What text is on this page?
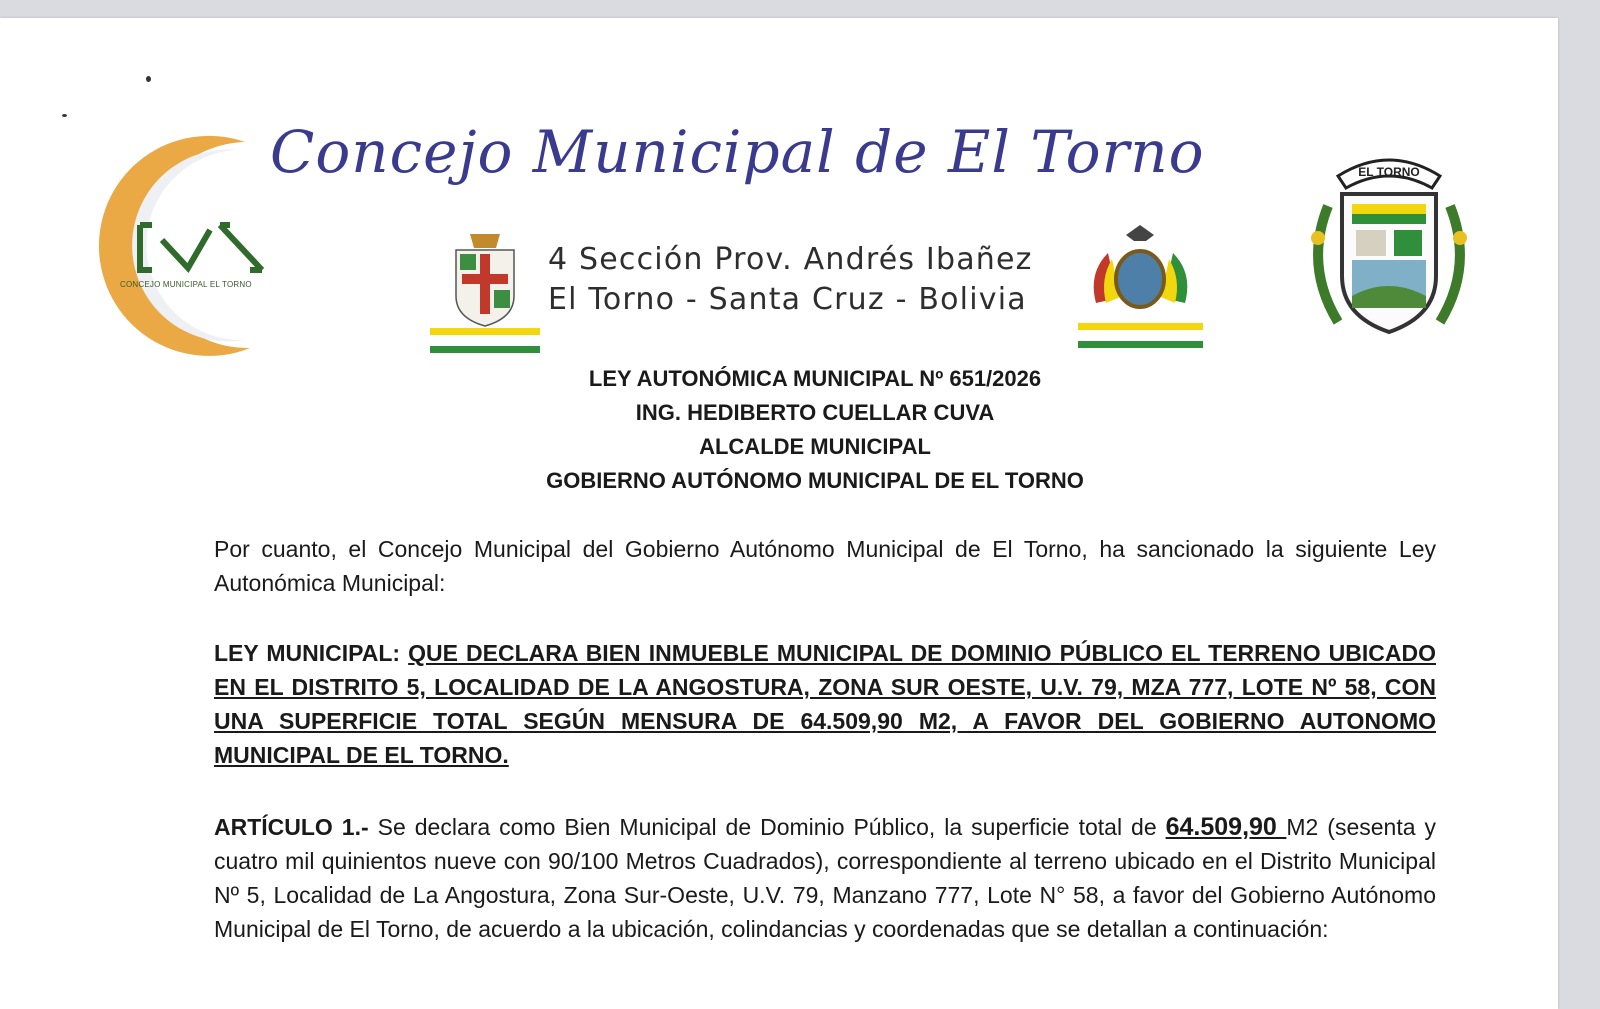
CONCEJO MUNICIPAL EL TORNO
Concejo Municipal de El Torno
4 Sección Prov. Andrés Ibañez
El Torno - Santa Cruz - Bolivia
EL TORNO
LEY AUTONÓMICA MUNICIPAL Nº 651/2026
ING. HEDIBERTO CUELLAR CUVA
ALCALDE MUNICIPAL
GOBIERNO AUTÓNOMO MUNICIPAL DE EL TORNO
Por cuanto, el Concejo Municipal del Gobierno Autónomo Municipal de El Torno, ha sancionado la siguiente Ley Autonómica Municipal:
LEY MUNICIPAL: QUE DECLARA BIEN INMUEBLE MUNICIPAL DE DOMINIO PÚBLICO EL TERRENO UBICADO EN EL DISTRITO 5, LOCALIDAD DE LA ANGOSTURA, ZONA SUR OESTE, U.V. 79, MZA 777, LOTE Nº 58, CON UNA SUPERFICIE TOTAL SEGÚN MENSURA DE 64.509,90 M2, A FAVOR DEL GOBIERNO AUTONOMO MUNICIPAL DE EL TORNO.
ARTÍCULO 1.- Se declara como Bien Municipal de Dominio Público, la superficie total de 64.509,90 M2 (sesenta y cuatro mil quinientos nueve con 90/100 Metros Cuadrados), correspondiente al terreno ubicado en el Distrito Municipal Nº 5, Localidad de La Angostura, Zona Sur-Oeste, U.V. 79, Manzano 777, Lote N° 58, a favor del Gobierno Autónomo Municipal de El Torno, de acuerdo a la ubicación, colindancias y coordenadas que se detallan a continuación:
